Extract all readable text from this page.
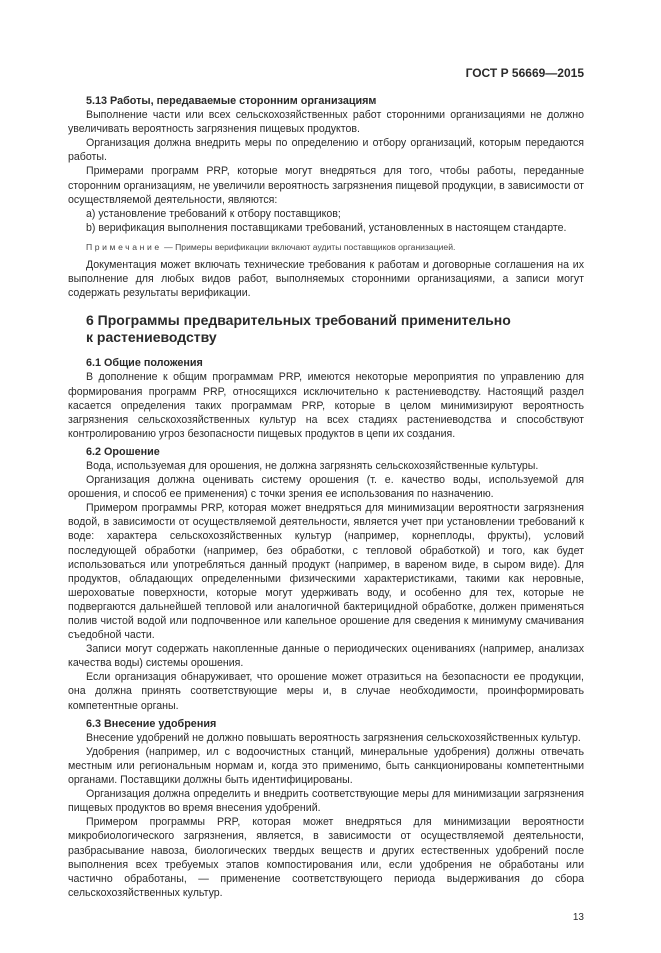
ГОСТ Р 56669—2015
5.13 Работы, передаваемые сторонним организациям
Выполнение части или всех сельскохозяйственных работ сторонними организациями не должно увеличивать вероятность загрязнения пищевых продуктов.
Организация должна внедрить меры по определению и отбору организаций, которым передаются работы.
Примерами программ PRP, которые могут внедряться для того, чтобы работы, переданные сторонним организациям, не увеличили вероятность загрязнения пищевой продукции, в зависимости от осуществляемой деятельности, являются:
a) установление требований к отбору поставщиков;
b) верификация выполнения поставщиками требований, установленных в настоящем стандарте.
Примечание — Примеры верификации включают аудиты поставщиков организацией.
Документация может включать технические требования к работам и договорные соглашения на их выполнение для любых видов работ, выполняемых сторонними организациями, а записи могут содержать результаты верификации.
6 Программы предварительных требований применительно
к растениеводству
6.1 Общие положения
В дополнение к общим программам PRP, имеются некоторые мероприятия по управлению для формирования программ PRP, относящихся исключительно к растениеводству. Настоящий раздел касается определения таких программам PRP, которые в целом минимизируют вероятность загрязнения сельскохозяйственных культур на всех стадиях растениеводства и способствуют контролированию угроз безопасности пищевых продуктов в цепи их создания.
6.2 Орошение
Вода, используемая для орошения, не должна загрязнять сельскохозяйственные культуры.
Организация должна оценивать систему орошения (т. е. качество воды, используемой для орошения, и способ ее применения) с точки зрения ее использования по назначению.
Примером программы PRP, которая может внедряться для минимизации вероятности загрязнения водой, в зависимости от осуществляемой деятельности, является учет при установлении требований к воде: характера сельскохозяйственных культур (например, корнеплоды, фрукты), условий последующей обработки (например, без обработки, с тепловой обработкой) и того, как будет использоваться или употребляться данный продукт (например, в вареном виде, в сыром виде). Для продуктов, обладающих определенными физическими характеристиками, такими как неровные, шероховатые поверхности, которые могут удерживать воду, и особенно для тех, которые не подвергаются дальнейшей тепловой или аналогичной бактерицидной обработке, должен применяться полив чистой водой или подпочвенное или капельное орошение для сведения к минимуму смачивания съедобной части.
Записи могут содержать накопленные данные о периодических оцениваниях (например, анализах качества воды) системы орошения.
Если организация обнаруживает, что орошение может отразиться на безопасности ее продукции, она должна принять соответствующие меры и, в случае необходимости, проинформировать компетентные органы.
6.3 Внесение удобрения
Внесение удобрений не должно повышать вероятность загрязнения сельскохозяйственных культур.
Удобрения (например, ил с водоочистных станций, минеральные удобрения) должны отвечать местным или региональным нормам и, когда это применимо, быть санкционированы компетентными органами. Поставщики должны быть идентифицированы.
Организация должна определить и внедрить соответствующие меры для минимизации загрязнения пищевых продуктов во время внесения удобрений.
Примером программы PRP, которая может внедряться для минимизации вероятности микробиологического загрязнения, является, в зависимости от осуществляемой деятельности, разбрасывание навоза, биологических твердых веществ и других естественных удобрений после выполнения всех требуемых этапов компостирования или, если удобрения не обработаны или частично обработаны, — применение соответствующего периода выдерживания до сбора сельскохозяйственных культур.
13
